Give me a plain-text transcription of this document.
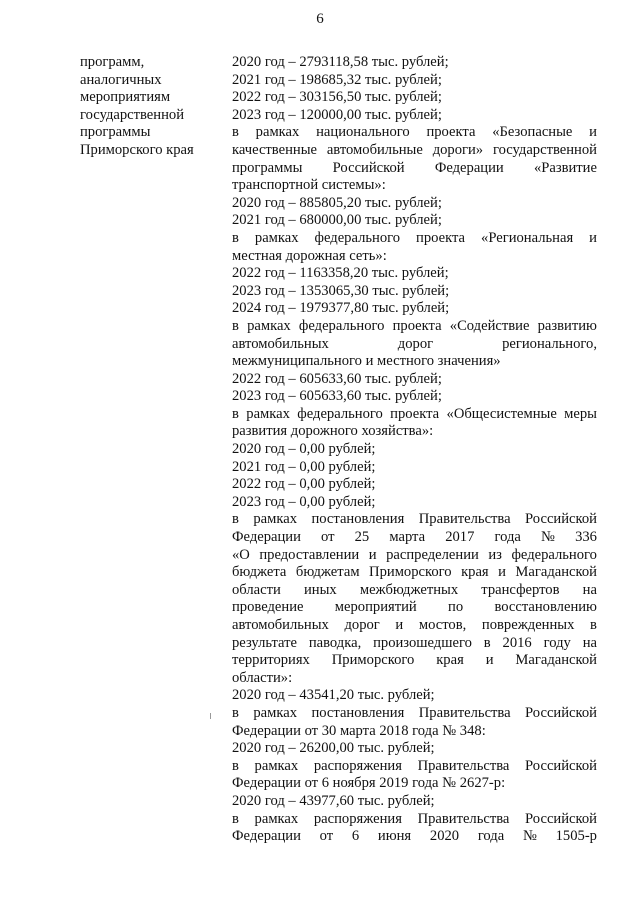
6
программ,
аналогичных
мероприятиям
государственной
программы
Приморского края
2020 год – 2793118,58 тыс. рублей;
2021 год – 198685,32 тыс. рублей;
2022 год – 303156,50 тыс. рублей;
2023 год – 120000,00 тыс. рублей;
в рамках национального проекта «Безопасные и
качественные автомобильные дороги» государственной
программы Российской Федерации «Развитие
транспортной системы»:
2020 год – 885805,20 тыс. рублей;
2021 год – 680000,00 тыс. рублей;
в рамках федерального проекта «Региональная и
местная дорожная сеть»:
2022 год – 1163358,20 тыс. рублей;
2023 год – 1353065,30 тыс. рублей;
2024 год – 1979377,80 тыс. рублей;
в рамках федерального проекта «Содействие развитию
автомобильных	дорог	регионального,
межмуниципального и местного значения»
2022 год – 605633,60 тыс. рублей;
2023 год – 605633,60 тыс. рублей;
в рамках федерального проекта «Общесистемные меры
развития дорожного хозяйства»:
2020 год – 0,00 рублей;
2021 год – 0,00 рублей;
2022 год – 0,00 рублей;
2023 год – 0,00 рублей;
в рамках постановления Правительства Российской
Федерации от 25 марта 2017 года № 336
«О предоставлении и распределении из федерального
бюджета бюджетам Приморского края и Магаданской
области иных межбюджетных трансфертов на
проведение мероприятий по восстановлению
автомобильных дорог и мостов, поврежденных в
результате паводка, произошедшего в 2016 году на
территориях Приморского края и Магаданской
области»:
2020 год – 43541,20 тыс. рублей;
в рамках постановления Правительства Российской
Федерации от 30 марта 2018 года № 348:
2020 год – 26200,00 тыс. рублей;
в рамках распоряжения Правительства Российской
Федерации от 6 ноября 2019 года № 2627-р:
2020 год – 43977,60 тыс. рублей;
в рамках распоряжения Правительства Российской
Федерации от 6 июня 2020 года № 1505-р
